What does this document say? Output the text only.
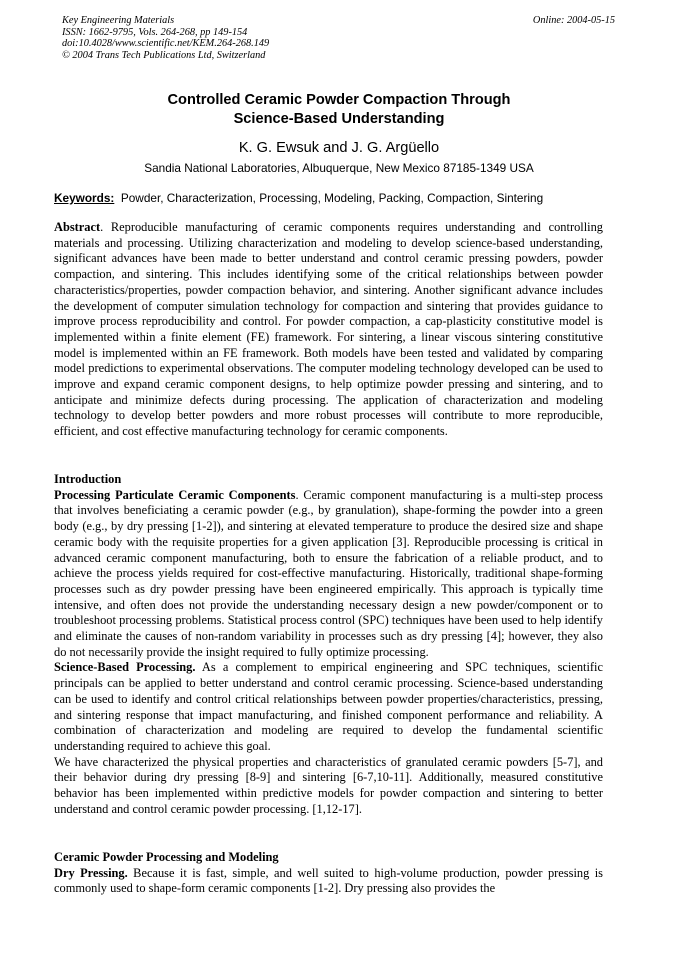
Key Engineering Materials
ISSN: 1662-9795, Vols. 264-268, pp 149-154
doi:10.4028/www.scientific.net/KEM.264-268.149
© 2004 Trans Tech Publications Ltd, Switzerland
Online: 2004-05-15
Controlled Ceramic Powder Compaction Through
Science-Based Understanding
K. G. Ewsuk and J. G. Argüello
Sandia National Laboratories, Albuquerque, New Mexico 87185-1349 USA
Keywords: Powder, Characterization, Processing, Modeling, Packing, Compaction, Sintering

Abstract. Reproducible manufacturing of ceramic components requires understanding and controlling materials and processing. Utilizing characterization and modeling to develop science-based understanding, significant advances have been made to better understand and control ceramic pressing powders, powder compaction, and sintering. This includes identifying some of the critical relationships between powder characteristics/properties, powder compaction behavior, and sintering. Another significant advance includes the development of computer simulation technology for compaction and sintering that provides guidance to improve process reproducibility and control. For powder compaction, a cap-plasticity constitutive model is implemented within a finite element (FE) framework. For sintering, a linear viscous sintering constitutive model is implemented within an FE framework. Both models have been tested and validated by comparing model predictions to experimental observations. The computer modeling technology developed can be used to improve and expand ceramic component designs, to help optimize powder pressing and sintering, and to anticipate and minimize defects during processing. The application of characterization and modeling technology to develop better powders and more robust processes will contribute to more reproducible, efficient, and cost effective manufacturing technology for ceramic components.

Introduction

Processing Particulate Ceramic Components. Ceramic component manufacturing is a multi-step process that involves beneficiating a ceramic powder (e.g., by granulation), shape-forming the powder into a green body (e.g., by dry pressing [1-2]), and sintering at elevated temperature to produce the desired size and shape ceramic body with the requisite properties for a given application [3]. Reproducible processing is critical in advanced ceramic component manufacturing, both to ensure the fabrication of a reliable product, and to achieve the process yields required for cost-effective manufacturing. Historically, traditional shape-forming processes such as dry powder pressing have been engineered empirically. This approach is typically time intensive, and often does not provide the understanding necessary design a new powder/component or to troubleshoot processing problems. Statistical process control (SPC) techniques have been used to help identify and eliminate the causes of non-random variability in processes such as dry pressing [4]; however, they also do not necessarily provide the insight required to fully optimize processing.

Science-Based Processing. As a complement to empirical engineering and SPC techniques, scientific principals can be applied to better understand and control ceramic processing. Science-based understanding can be used to identify and control critical relationships between powder properties/characteristics, pressing, and sintering response that impact manufacturing, and finished component performance and reliability. A combination of characterization and modeling are required to develop the fundamental scientific understanding required to achieve this goal.

We have characterized the physical properties and characteristics of granulated ceramic powders [5-7], and their behavior during dry pressing [8-9] and sintering [6-7,10-11]. Additionally, measured constitutive behavior has been implemented within predictive models for powder compaction and sintering to better understand and control ceramic powder processing. [1,12-17].

Ceramic Powder Processing and Modeling

Dry Pressing. Because it is fast, simple, and well suited to high-volume production, powder pressing is commonly used to shape-form ceramic components [1-2]. Dry pressing also provides the
